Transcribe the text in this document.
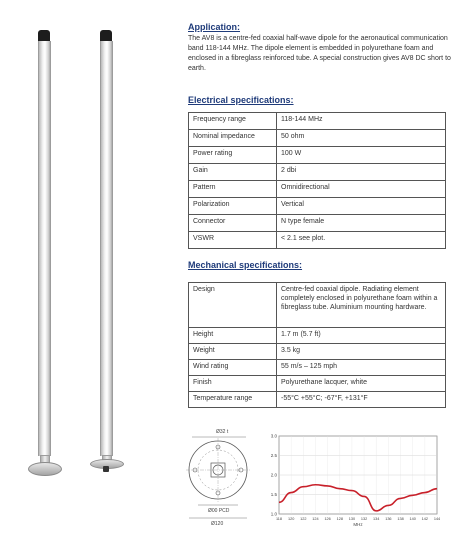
Application:

The AV8 is a centre-fed coaxial half-wave dipole for the aeronautical communication band 118-144 MHz. The dipole element is embedded in polyurethane foam and enclosed in a fibreglass reinforced tube. A special construction gives AV8 DC short to earth.

Electrical specifications:

Frequency range	118-144 MHz
Nominal impedance	50 ohm
Power rating	100 W
Gain	2 dbi
Pattern	Omnidirectional
Polarization	Vertical
Connector	N type female
VSWR	< 2.1 see plot.

Mechanical specifications:

Design	Centre-fed coaxial dipole. Radiating element completely enclosed in polyurethane foam within a fibreglass tube. Aluminium mounting hardware.
Height	1.7 m (5.7 ft)
Weight	3.5 kg
Wind rating	55 m/s – 125 mph
Finish	Polyurethane lacquer, white
Temperature range	-55°C +55°C; -67°F, +131°F
Ø32 t
Ø00 PCD
Ø120
3.0
2.5
2.0
1.5
1.0
118 120 122 124 126 128 130 132 134 136 138 140 142 144
MHz
